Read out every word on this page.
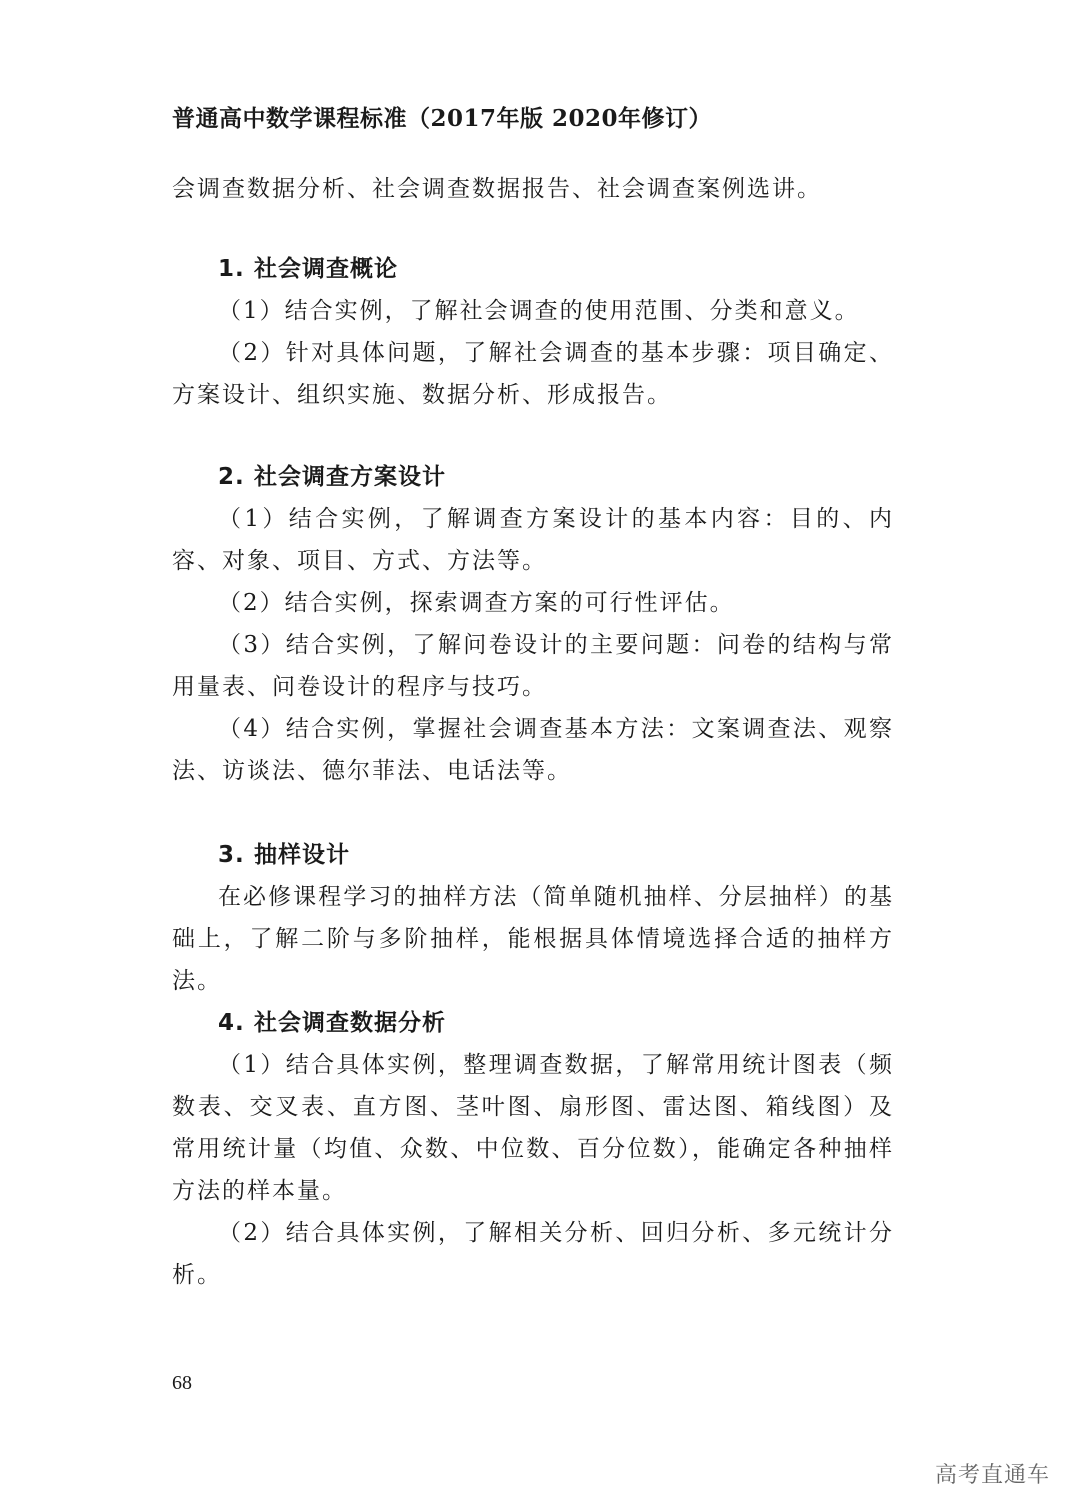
普通高中数学课程标准（2017年版 2020年修订）

会调查数据分析、社会调查数据报告、社会调查案例选讲。

1. 社会调查概论

（1）结合实例，了解社会调查的使用范围、分类和意义。

（2）针对具体问题，了解社会调查的基本步骤：项目确定、方案设计、组织实施、数据分析、形成报告。

2. 社会调查方案设计

（1）结合实例，了解调查方案设计的基本内容：目的、内容、对象、项目、方式、方法等。

（2）结合实例，探索调查方案的可行性评估。

（3）结合实例，了解问卷设计的主要问题：问卷的结构与常用量表、问卷设计的程序与技巧。

（4）结合实例，掌握社会调查基本方法：文案调查法、观察法、访谈法、德尔菲法、电话法等。

3. 抽样设计

在必修课程学习的抽样方法（简单随机抽样、分层抽样）的基础上，了解二阶与多阶抽样，能根据具体情境选择合适的抽样方法。

4. 社会调查数据分析

（1）结合具体实例，整理调查数据，了解常用统计图表（频数表、交叉表、直方图、茎叶图、扇形图、雷达图、箱线图）及常用统计量（均值、众数、中位数、百分位数），能确定各种抽样方法的样本量。

（2）结合具体实例，了解相关分析、回归分析、多元统计分析。

68
高考直通车
